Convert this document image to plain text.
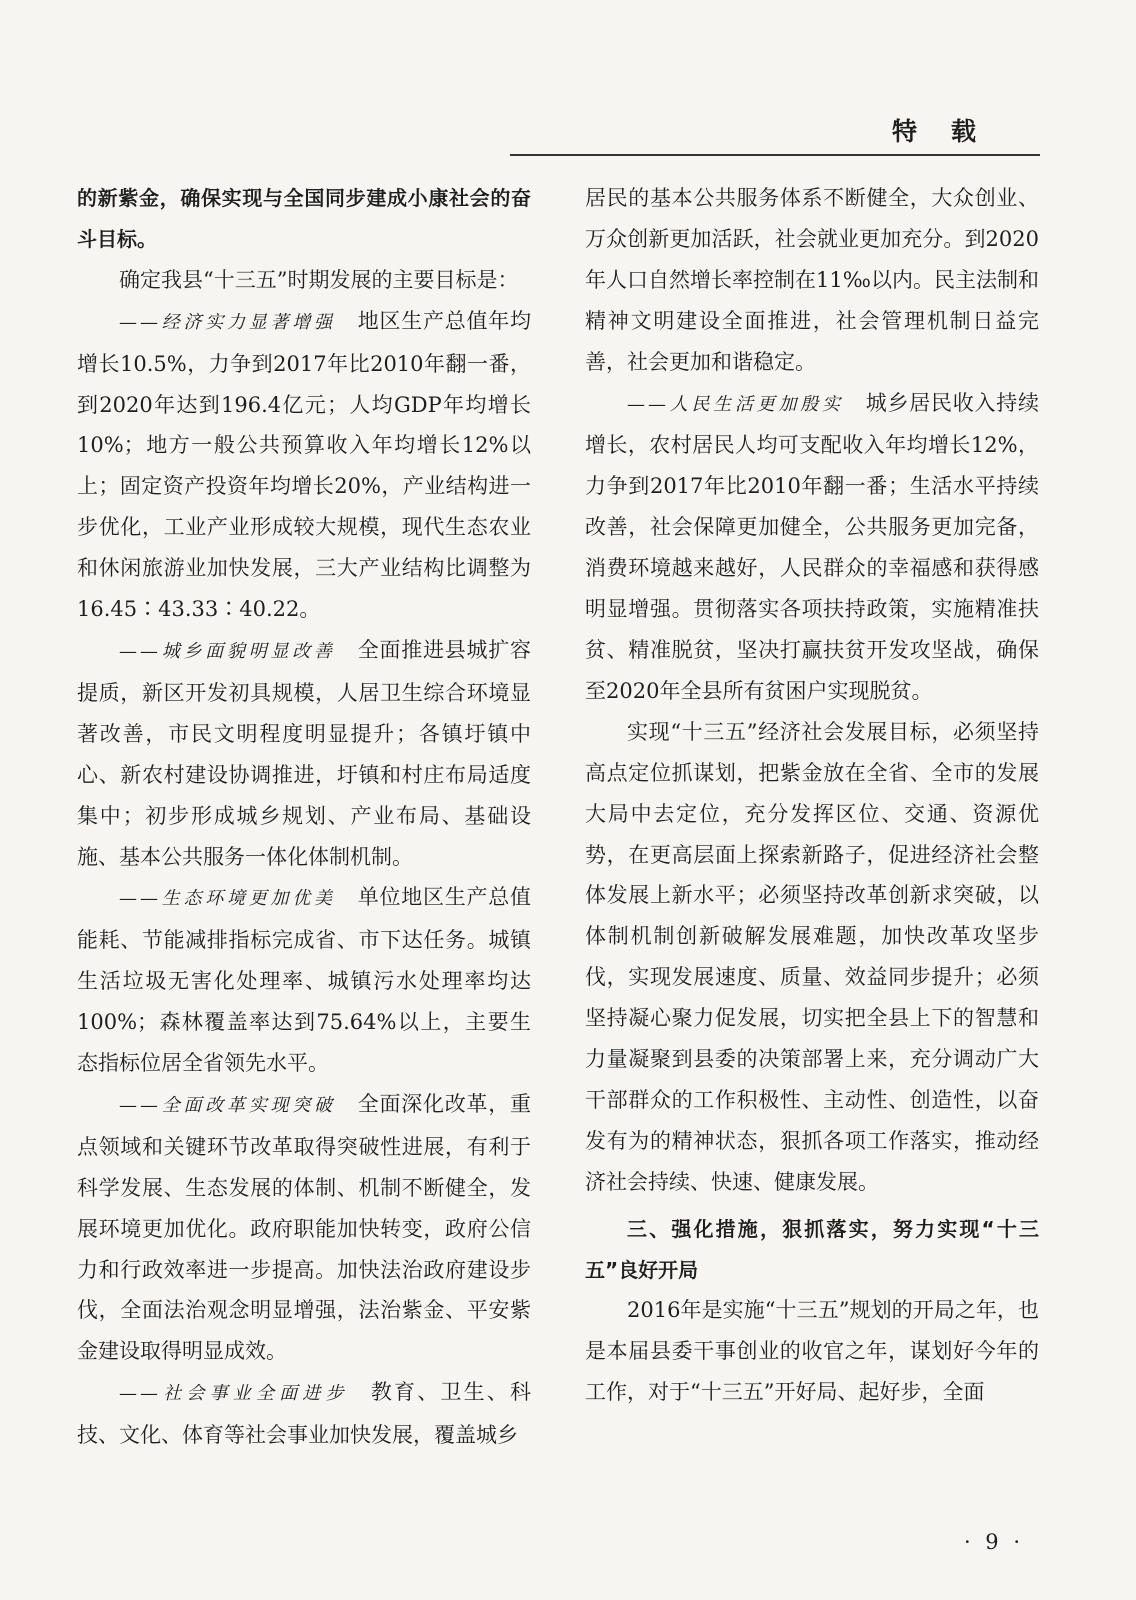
特载

的新紫金，确保实现与全国同步建成小康社会的奋斗目标。

确定我县“十三五”时期发展的主要目标是：

——经济实力显著增强 地区生产总值年均增长10.5%，力争到2017年比2010年翻一番，到2020年达到196.4亿元；人均GDP年均增长10%；地方一般公共预算收入年均增长12%以上；固定资产投资年均增长20%，产业结构进一步优化，工业产业形成较大规模，现代生态农业和休闲旅游业加快发展，三大产业结构比调整为16.45∶43.33∶40.22。

——城乡面貌明显改善 全面推进县城扩容提质，新区开发初具规模，人居卫生综合环境显著改善，市民文明程度明显提升；各镇圩镇中心、新农村建设协调推进，圩镇和村庄布局适度集中；初步形成城乡规划、产业布局、基础设施、基本公共服务一体化体制机制。

——生态环境更加优美 单位地区生产总值能耗、节能减排指标完成省、市下达任务。城镇生活垃圾无害化处理率、城镇污水处理率均达100%；森林覆盖率达到75.64%以上，主要生态指标位居全省领先水平。

——全面改革实现突破 全面深化改革，重点领域和关键环节改革取得突破性进展，有利于科学发展、生态发展的体制、机制不断健全，发展环境更加优化。政府职能加快转变，政府公信力和行政效率进一步提高。加快法治政府建设步伐，全面法治观念明显增强，法治紫金、平安紫金建设取得明显成效。

——社会事业全面进步 教育、卫生、科技、文化、体育等社会事业加快发展，覆盖城乡

居民的基本公共服务体系不断健全，大众创业、万众创新更加活跃，社会就业更加充分。到2020年人口自然增长率控制在11‰以内。民主法制和精神文明建设全面推进，社会管理机制日益完善，社会更加和谐稳定。

——人民生活更加殷实 城乡居民收入持续增长，农村居民人均可支配收入年均增长12%，力争到2017年比2010年翻一番；生活水平持续改善，社会保障更加健全，公共服务更加完备，消费环境越来越好，人民群众的幸福感和获得感明显增强。贯彻落实各项扶持政策，实施精准扶贫、精准脱贫，坚决打赢扶贫开发攻坚战，确保至2020年全县所有贫困户实现脱贫。

实现“十三五”经济社会发展目标，必须坚持高点定位抓谋划，把紫金放在全省、全市的发展大局中去定位，充分发挥区位、交通、资源优势，在更高层面上探索新路子，促进经济社会整体发展上新水平；必须坚持改革创新求突破，以体制机制创新破解发展难题，加快改革攻坚步伐，实现发展速度、质量、效益同步提升；必须坚持凝心聚力促发展，切实把全县上下的智慧和力量凝聚到县委的决策部署上来，充分调动广大干部群众的工作积极性、主动性、创造性，以奋发有为的精神状态，狠抓各项工作落实，推动经济社会持续、快速、健康发展。

三、强化措施，狠抓落实，努力实现“十三五”良好开局

2016年是实施“十三五”规划的开局之年，也是本届县委干事创业的收官之年，谋划好今年的工作，对于“十三五”开好局、起好步，全面

· 9 ·
